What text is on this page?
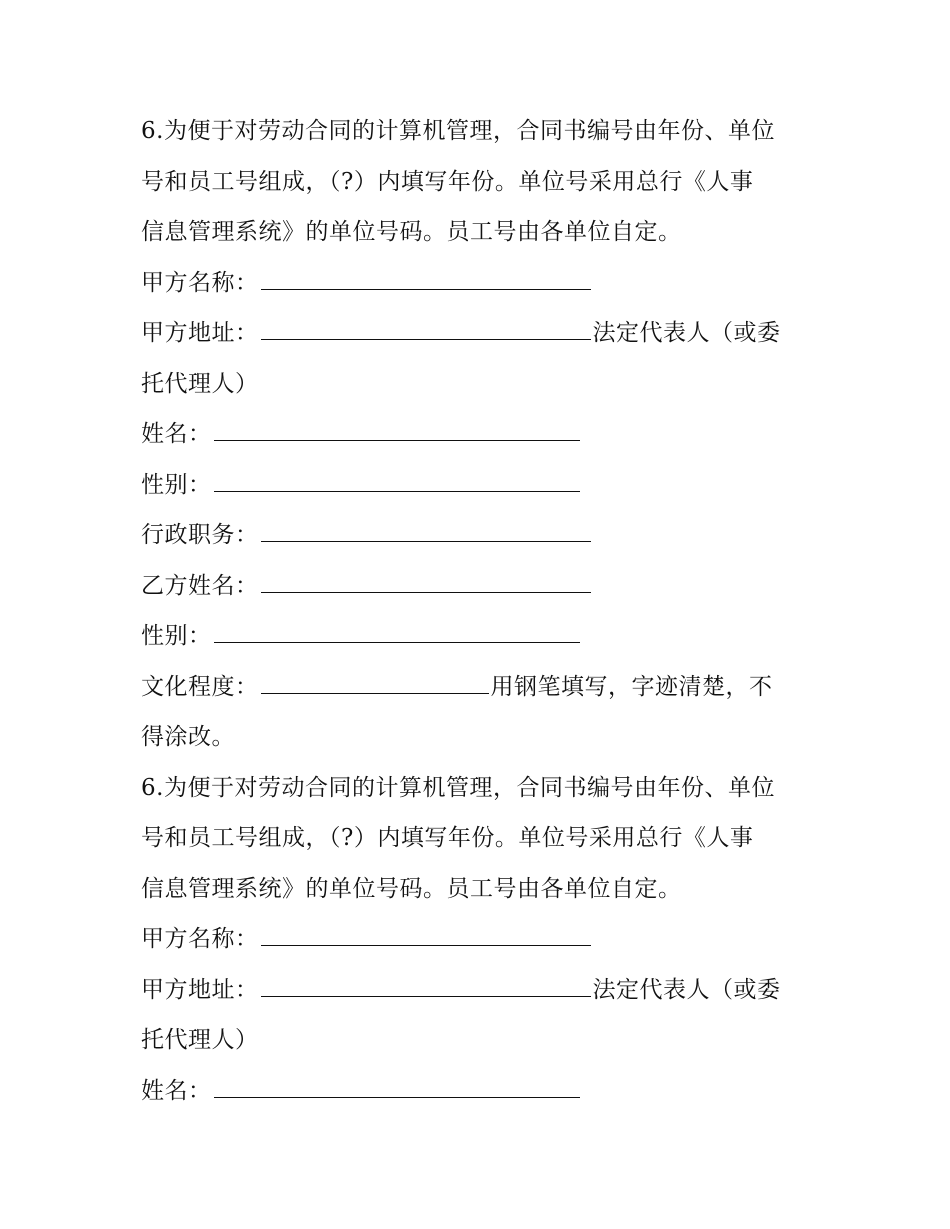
6.为便于对劳动合同的计算机管理，合同书编号由年份、单位
号和员工号组成，（?）内填写年份。单位号采用总行《人事
信息管理系统》的单位号码。员工号由各单位自定。
甲方名称：
甲方地址：	法定代表人（或委
托代理人）
姓名：
性别：
行政职务：
乙方姓名：
性别：
文化程度：	用钢笔填写，字迹清楚，不
得涂改。
6.为便于对劳动合同的计算机管理，合同书编号由年份、单位
号和员工号组成，（?）内填写年份。单位号采用总行《人事
信息管理系统》的单位号码。员工号由各单位自定。
甲方名称：
甲方地址：	法定代表人（或委
托代理人）
姓名：
